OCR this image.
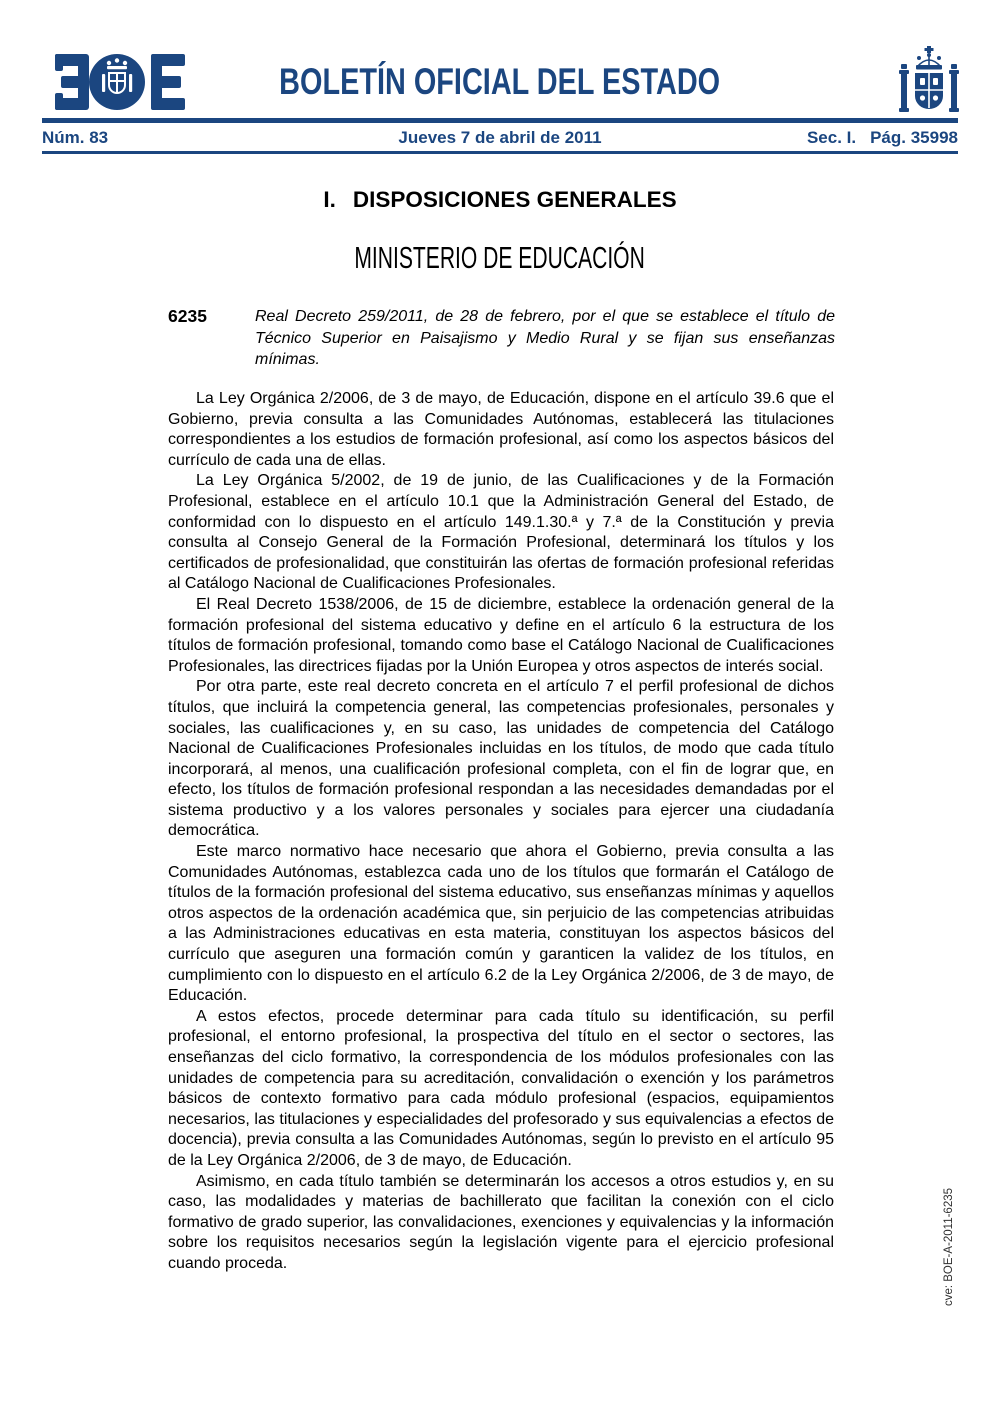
BOLETÍN OFICIAL DEL ESTADO
Núm. 83	Jueves 7 de abril de 2011	Sec. I. Pág. 35998
I. DISPOSICIONES GENERALES
MINISTERIO DE EDUCACIÓN
6235	Real Decreto 259/2011, de 28 de febrero, por el que se establece el título de Técnico Superior en Paisajismo y Medio Rural y se fijan sus enseñanzas mínimas.

La Ley Orgánica 2/2006, de 3 de mayo, de Educación, dispone en el artículo 39.6 que el Gobierno, previa consulta a las Comunidades Autónomas, establecerá las titulaciones correspondientes a los estudios de formación profesional, así como los aspectos básicos del currículo de cada una de ellas.

La Ley Orgánica 5/2002, de 19 de junio, de las Cualificaciones y de la Formación Profesional, establece en el artículo 10.1 que la Administración General del Estado, de conformidad con lo dispuesto en el artículo 149.1.30.ª y 7.ª de la Constitución y previa consulta al Consejo General de la Formación Profesional, determinará los títulos y los certificados de profesionalidad, que constituirán las ofertas de formación profesional referidas al Catálogo Nacional de Cualificaciones Profesionales.

El Real Decreto 1538/2006, de 15 de diciembre, establece la ordenación general de la formación profesional del sistema educativo y define en el artículo 6 la estructura de los títulos de formación profesional, tomando como base el Catálogo Nacional de Cualificaciones Profesionales, las directrices fijadas por la Unión Europea y otros aspectos de interés social.

Por otra parte, este real decreto concreta en el artículo 7 el perfil profesional de dichos títulos, que incluirá la competencia general, las competencias profesionales, personales y sociales, las cualificaciones y, en su caso, las unidades de competencia del Catálogo Nacional de Cualificaciones Profesionales incluidas en los títulos, de modo que cada título incorporará, al menos, una cualificación profesional completa, con el fin de lograr que, en efecto, los títulos de formación profesional respondan a las necesidades demandadas por el sistema productivo y a los valores personales y sociales para ejercer una ciudadanía democrática.

Este marco normativo hace necesario que ahora el Gobierno, previa consulta a las Comunidades Autónomas, establezca cada uno de los títulos que formarán el Catálogo de títulos de la formación profesional del sistema educativo, sus enseñanzas mínimas y aquellos otros aspectos de la ordenación académica que, sin perjuicio de las competencias atribuidas a las Administraciones educativas en esta materia, constituyan los aspectos básicos del currículo que aseguren una formación común y garanticen la validez de los títulos, en cumplimiento con lo dispuesto en el artículo 6.2 de la Ley Orgánica 2/2006, de 3 de mayo, de Educación.

A estos efectos, procede determinar para cada título su identificación, su perfil profesional, el entorno profesional, la prospectiva del título en el sector o sectores, las enseñanzas del ciclo formativo, la correspondencia de los módulos profesionales con las unidades de competencia para su acreditación, convalidación o exención y los parámetros básicos de contexto formativo para cada módulo profesional (espacios, equipamientos necesarios, las titulaciones y especialidades del profesorado y sus equivalencias a efectos de docencia), previa consulta a las Comunidades Autónomas, según lo previsto en el artículo 95 de la Ley Orgánica 2/2006, de 3 de mayo, de Educación.

Asimismo, en cada título también se determinarán los accesos a otros estudios y, en su caso, las modalidades y materias de bachillerato que facilitan la conexión con el ciclo formativo de grado superior, las convalidaciones, exenciones y equivalencias y la información sobre los requisitos necesarios según la legislación vigente para el ejercicio profesional cuando proceda.	cve: BOE-A-2011-6235
